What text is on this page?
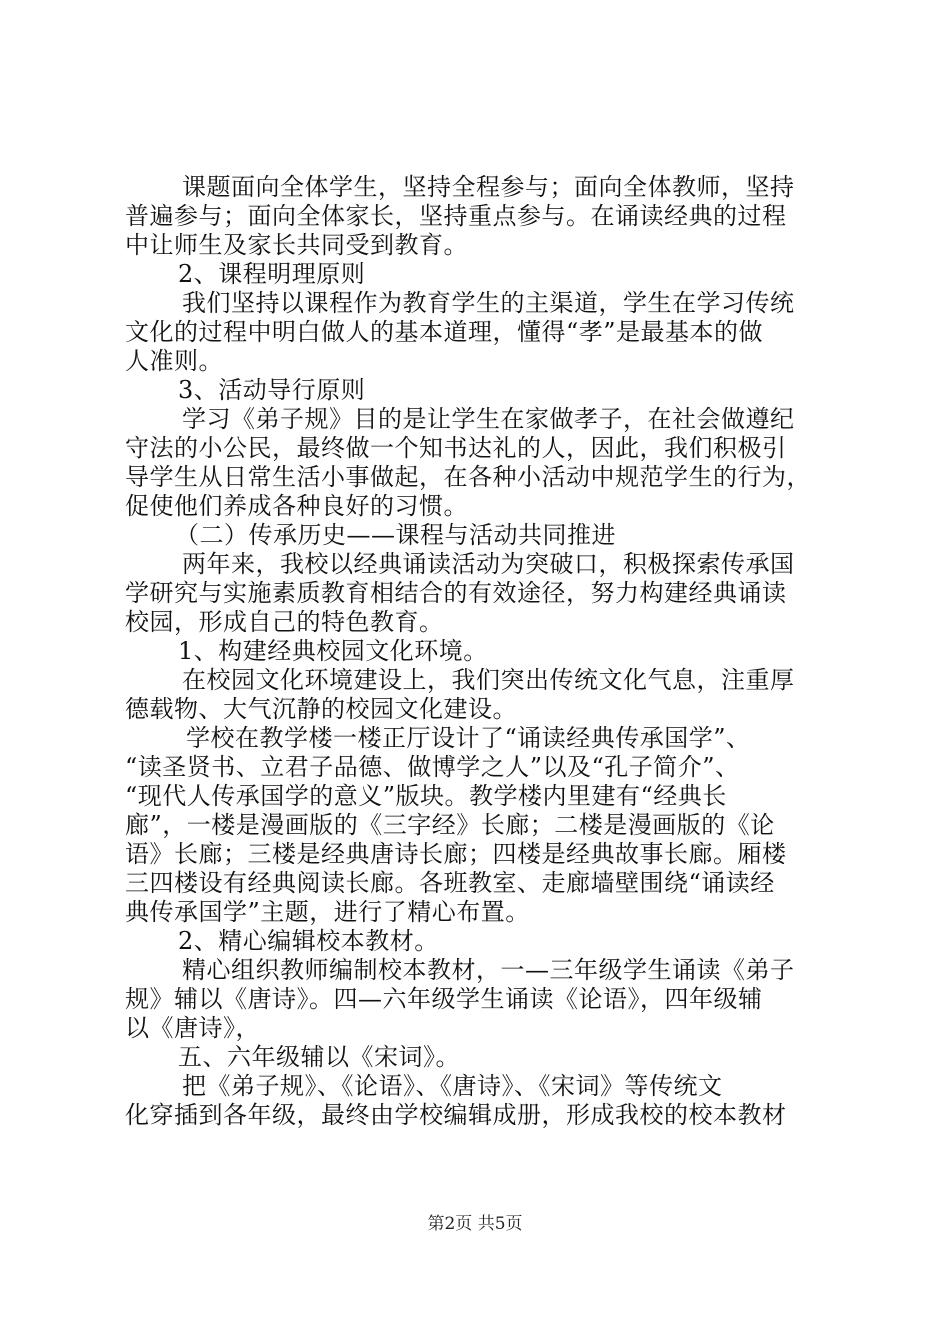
课题面向全体学生，坚持全程参与；面向全体教师，坚持
普遍参与；面向全体家长，坚持重点参与。在诵读经典的过程
中让师生及家长共同受到教育。
2、课程明理原则
我们坚持以课程作为教育学生的主渠道，学生在学习传统
文化的过程中明白做人的基本道理，懂得“孝”是最基本的做
人准则。
3、活动导行原则
学习《弟子规》目的是让学生在家做孝子，在社会做遵纪
守法的小公民，最终做一个知书达礼的人，因此，我们积极引
导学生从日常生活小事做起，在各种小活动中规范学生的行为，
促使他们养成各种良好的习惯。
（二）传承历史——课程与活动共同推进
两年来，我校以经典诵读活动为突破口，积极探索传承国
学研究与实施素质教育相结合的有效途径，努力构建经典诵读
校园，形成自己的特色教育。
1、构建经典校园文化环境。
在校园文化环境建设上，我们突出传统文化气息，注重厚
德载物、大气沉静的校园文化建设。
学校在教学楼一楼正厅设计了“诵读经典传承国学”、
“读圣贤书、立君子品德、做博学之人”以及“孔子简介”、
“现代人传承国学的意义”版块。教学楼内里建有“经典长
廊”，一楼是漫画版的《三字经》长廊；二楼是漫画版的《论
语》长廊；三楼是经典唐诗长廊；四楼是经典故事长廊。厢楼
三四楼设有经典阅读长廊。各班教室、走廊墙壁围绕“诵读经
典传承国学”主题，进行了精心布置。
2、精心编辑校本教材。
精心组织教师编制校本教材，一—三年级学生诵读《弟子
规》辅以《唐诗》。四—六年级学生诵读《论语》，四年级辅
以《唐诗》，
五、六年级辅以《宋词》。
把《弟子规》、《论语》、《唐诗》、《宋词》等传统文
化穿插到各年级，最终由学校编辑成册，形成我校的校本教材
第2页 共5页
